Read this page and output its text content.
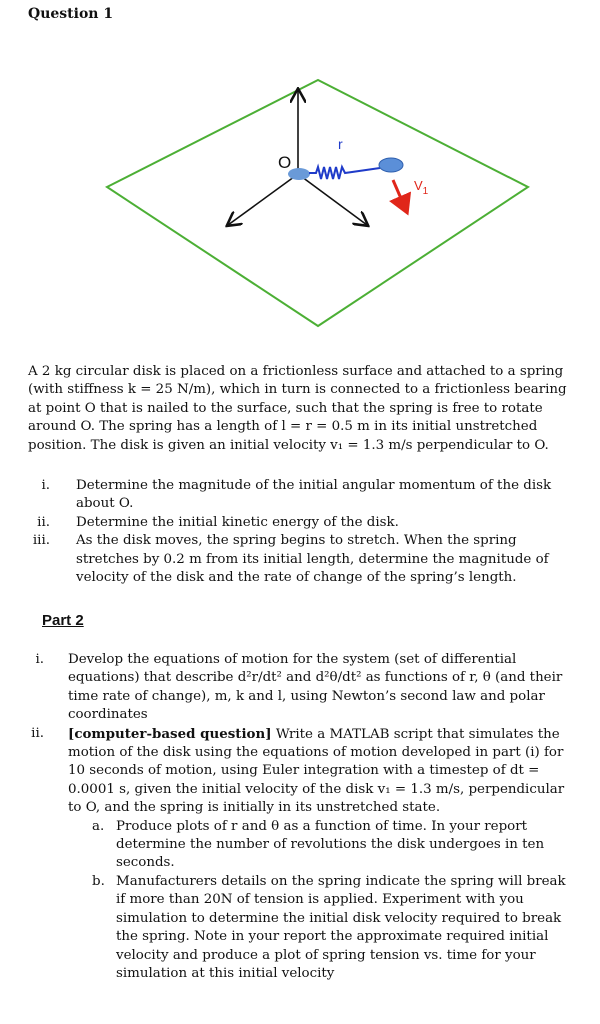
Question 1
O
r
$V_1$
A 2 kg circular disk is placed on a frictionless surface and attached to a spring (with stiffness k = 25 N/m), which in turn is connected to a frictionless bearing at point O that is nailed to the surface, such that the spring is free to rotate around O. The spring has a length of l = r = 0.5 m in its initial unstretched position. The disk is given an initial velocity v₁ = 1.3 m/s perpendicular to O.
i. Determine the magnitude of the initial angular momentum of the disk about O.
ii. Determine the initial kinetic energy of the disk.
iii. As the disk moves, the spring begins to stretch. When the spring stretches by 0.2 m from its initial length, determine the magnitude of velocity of the disk and the rate of change of the spring’s length.
Part 2
i. Develop the equations of motion for the system (set of differential equations) that describe d²r/dt² and d²θ/dt² as functions of r, θ (and their time rate of change), m, k and l, using Newton’s second law and polar coordinates
ii. [computer-based question] Write a MATLAB script that simulates the motion of the disk using the equations of motion developed in part (i) for 10 seconds of motion, using Euler integration with a timestep of dt = 0.0001 s, given the initial velocity of the disk v₁ = 1.3 m/s, perpendicular to O, and the spring is initially in its unstretched state.
a. Produce plots of r and θ as a function of time. In your report determine the number of revolutions the disk undergoes in ten seconds.
b. Manufacturers details on the spring indicate the spring will break if more than 20N of tension is applied. Experiment with you simulation to determine the initial disk velocity required to break the spring. Note in your report the approximate required initial velocity and produce a plot of spring tension vs. time for your simulation at this initial velocity
